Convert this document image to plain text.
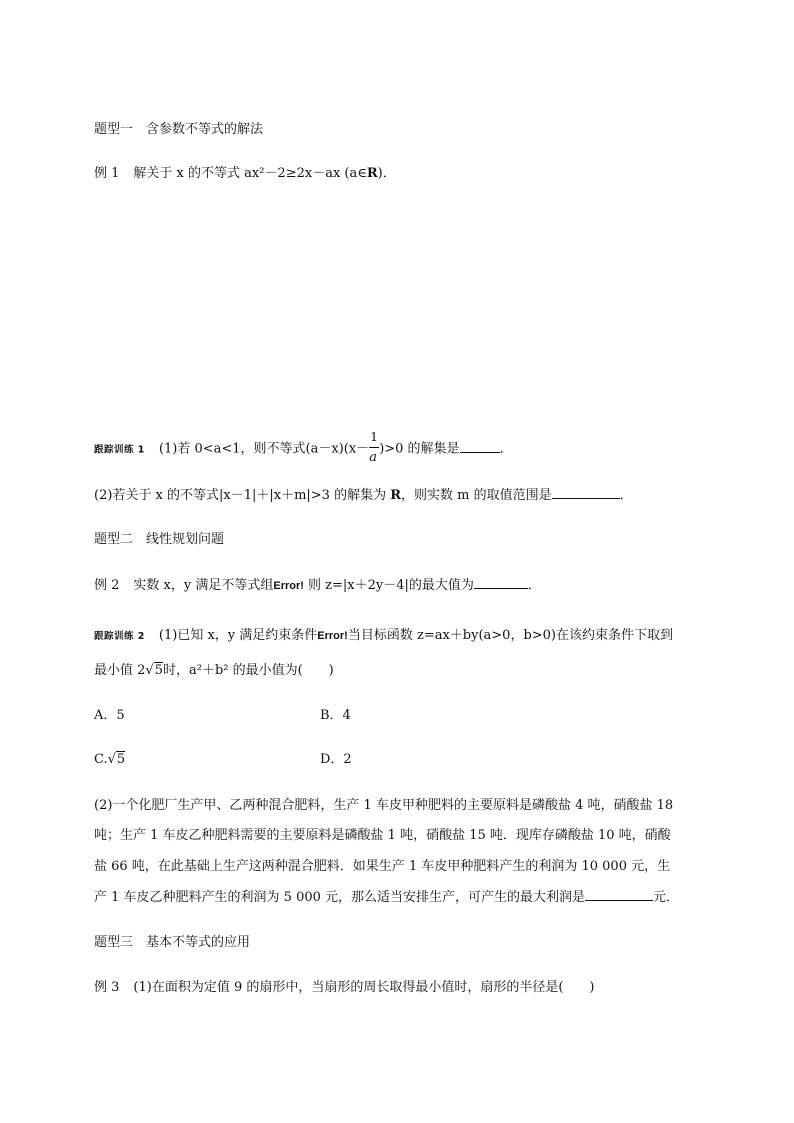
题型一　含参数不等式的解法
例 1 解关于 x 的不等式 ax²－2≥2x－ax (a∈R)．
跟踪训练 1 (1)若 0<a<1，则不等式$(a-x)(x- \frac{1}{a} )>0$ 的解集是	．
(2)若关于 x 的不等式|x－1|＋|x＋m|>3 的解集为 R，则实数 m 的取值范围是	．
题型二　线性规划问题
例 2 实数 x，y 满足不等式组Error! 则 z=|x＋2y－4|的最大值为	．
跟踪训练 2 (1)已知 x，y 满足约束条件Error!当目标函数 z=ax＋by(a>0，b>0)在该约束条件下取到
最小值 2√5时，a²＋b² 的最小值为(　　)
A．5	B．4
C.√5	D．2
(2)一个化肥厂生产甲、乙两种混合肥料，生产 1 车皮甲种肥料的主要原料是磷酸盐 4 吨，硝酸盐 18
吨；生产 1 车皮乙种肥料需要的主要原料是磷酸盐 1 吨，硝酸盐 15 吨．现库存磷酸盐 10 吨，硝酸
盐 66 吨，在此基础上生产这两种混合肥料．如果生产 1 车皮甲种肥料产生的利润为 10 000 元，生
产 1 车皮乙种肥料产生的利润为 5 000 元，那么适当安排生产，可产生的最大利润是	元．
题型三　基本不等式的应用
例 3 (1)在面积为定值 9 的扇形中，当扇形的周长取得最小值时，扇形的半径是(　　)
